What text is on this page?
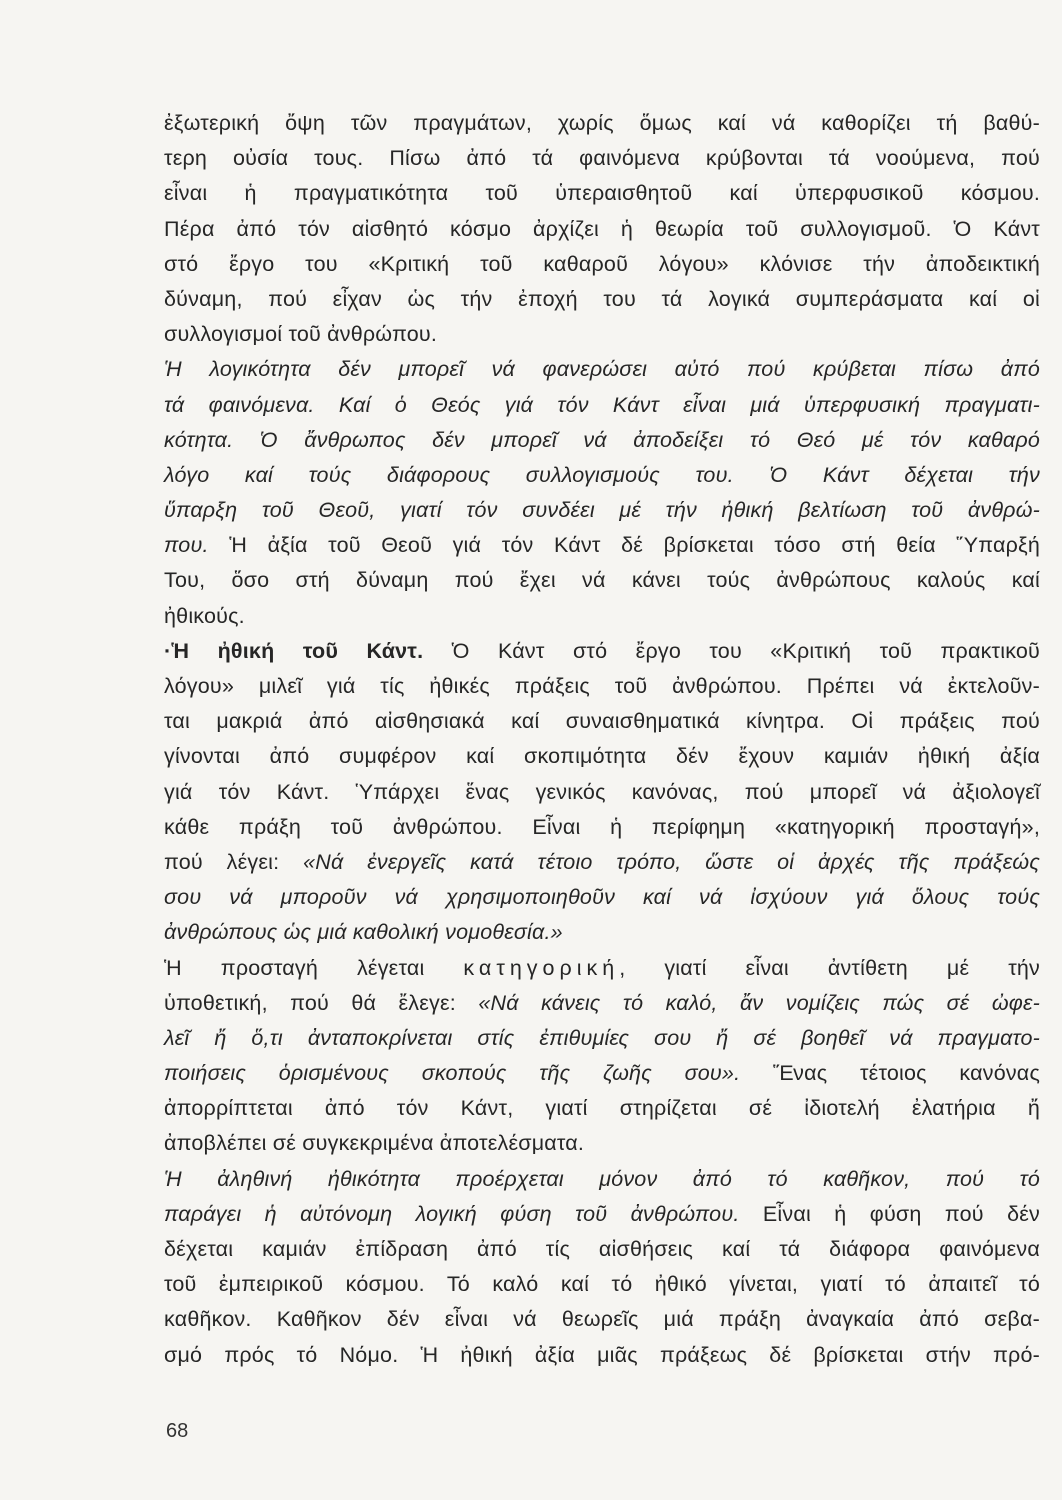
ἐξωτερική ὄψη τῶν πραγμάτων, χωρίς ὅμως καί νά καθορίζει τή βαθύ-
τερη οὐσία τους. Πίσω ἀπό τά φαινόμενα κρύβονται τά νοούμενα, πού
εἶναι ἡ πραγματικότητα τοῦ ὑπεραισθητοῦ καί ὑπερφυσικοῦ κόσμου.
Πέρα ἀπό τόν αἰσθητό κόσμο ἀρχίζει ἡ θεωρία τοῦ συλλογισμοῦ. Ὁ Κάντ
στό ἔργο του «Κριτική τοῦ καθαροῦ λόγου» κλόνισε τήν ἀποδεικτική
δύναμη, πού εἶχαν ὡς τήν ἐποχή του τά λογικά συμπεράσματα καί οἱ
συλλογισμοί τοῦ ἀνθρώπου.
Ἡ λογικότητα δέν μπορεῖ νά φανερώσει αὐτό πού κρύβεται πίσω ἀπό
τά φαινόμενα. Καί ὁ Θεός γιά τόν Κάντ εἶναι μιά ὑπερφυσική πραγματι-
κότητα. Ὁ ἄνθρωπος δέν μπορεῖ νά ἀποδείξει τό Θεό μέ τόν καθαρό
λόγο καί τούς διάφορους συλλογισμούς του. Ὁ Κάντ δέχεται τήν
ὕπαρξη τοῦ Θεοῦ, γιατί τόν συνδέει μέ τήν ἠθική βελτίωση τοῦ ἀνθρώ-
που. Ἡ ἀξία τοῦ Θεοῦ γιά τόν Κάντ δέ βρίσκεται τόσο στή θεία Ὕπαρξή
Του, ὅσο στή δύναμη πού ἔχει νά κάνει τούς ἀνθρώπους καλούς καί
ἠθικούς.
·Ἡ ἠθική τοῦ Κάντ. Ὁ Κάντ στό ἔργο του «Κριτική τοῦ πρακτικοῦ
λόγου» μιλεῖ γιά τίς ἠθικές πράξεις τοῦ ἀνθρώπου. Πρέπει νά ἐκτελοῦν-
ται μακριά ἀπό αἰσθησιακά καί συναισθηματικά κίνητρα. Οἱ πράξεις πού
γίνονται ἀπό συμφέρον καί σκοπιμότητα δέν ἔχουν καμιάν ἠθική ἀξία
γιά τόν Κάντ. Ὑπάρχει ἕνας γενικός κανόνας, πού μπορεῖ νά ἀξιολογεῖ
κάθε πράξη τοῦ ἀνθρώπου. Εἶναι ἡ περίφημη «κατηγορική προσταγή»,
πού λέγει: «Νά ἐνεργεῖς κατά τέτοιο τρόπο, ὥστε οἱ ἀρχές τῆς πράξεώς
σου νά μποροῦν νά χρησιμοποιηθοῦν καί νά ἰσχύουν γιά ὅλους τούς
ἀνθρώπους ὡς μιά καθολική νομοθεσία.»
Ἡ προσταγή λέγεται κατηγορική, γιατί εἶναι ἀντίθετη μέ τήν
ὑποθετική, πού θά ἔλεγε: «Νά κάνεις τό καλό, ἄν νομίζεις πώς σέ ὠφε-
λεῖ ἤ ὅ,τι ἀνταποκρίνεται στίς ἐπιθυμίες σου ἤ σέ βοηθεῖ νά πραγματο-
ποιήσεις ὁρισμένους σκοπούς τῆς ζωῆς σου». Ἕνας τέτοιος κανόνας
ἀπορρίπτεται ἀπό τόν Κάντ, γιατί στηρίζεται σέ ἰδιοτελή ἐλατήρια ἤ
ἀποβλέπει σέ συγκεκριμένα ἀποτελέσματα.
Ἡ ἀληθινή ἠθικότητα προέρχεται μόνον ἀπό τό καθῆκον, πού τό
παράγει ἡ αὐτόνομη λογική φύση τοῦ ἀνθρώπου. Εἶναι ἡ φύση πού δέν
δέχεται καμιάν ἐπίδραση ἀπό τίς αἰσθήσεις καί τά διάφορα φαινόμενα
τοῦ ἐμπειρικοῦ κόσμου. Τό καλό καί τό ἠθικό γίνεται, γιατί τό ἀπαιτεῖ τό
καθῆκον. Καθῆκον δέν εἶναι νά θεωρεῖς μιά πράξη ἀναγκαία ἀπό σεβα-
σμό πρός τό Νόμο. Ἡ ἠθική ἀξία μιᾶς πράξεως δέ βρίσκεται στήν πρό-
68
